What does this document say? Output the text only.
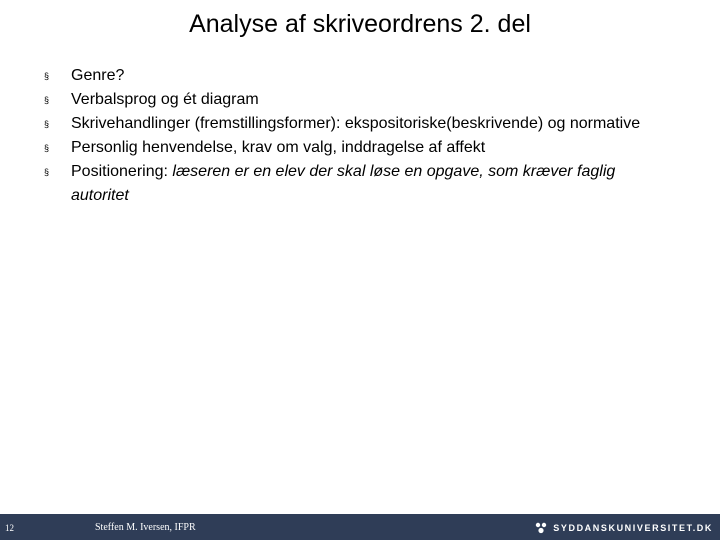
Analyse af skriveordrens 2. del
§ Genre?
§ Verbalsprog og ét diagram
§ Skrivehandlinger (fremstillingsformer): ekspositoriske(beskrivende) og normative
§ Personlig henvendelse, krav om valg, inddragelse af affekt
§ Positionering: læseren er en elev der skal løse en opgave, som kræver faglig autoritet
12	Steffen M. Iversen, IFPR	SYDDANSKUNIVERSITET.DK
